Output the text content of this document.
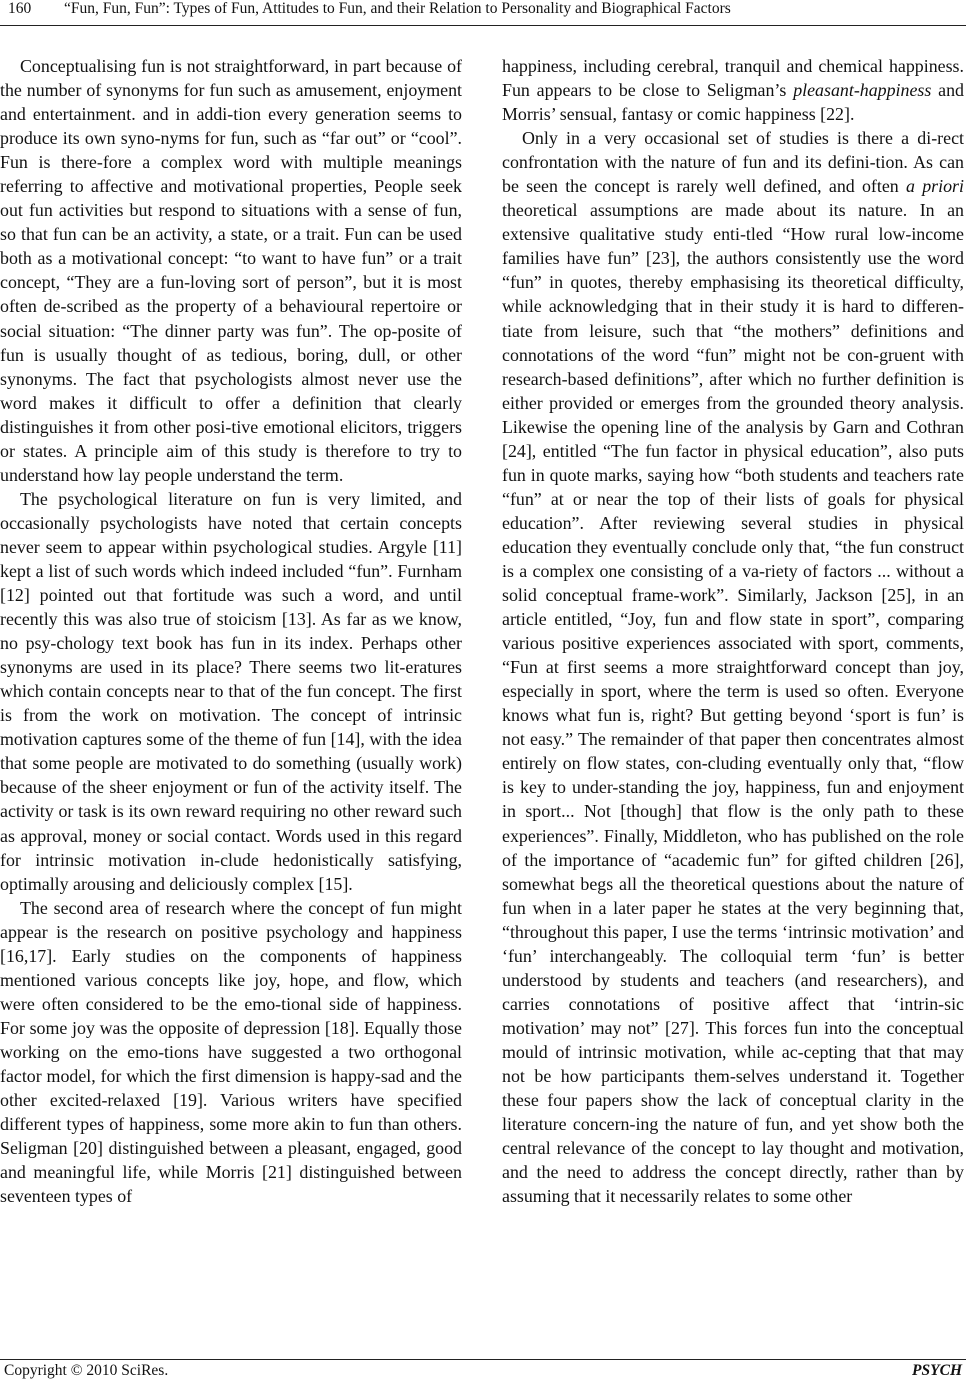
160 “Fun, Fun, Fun”: Types of Fun, Attitudes to Fun, and their Relation to Personality and Biographical Factors

Conceptualising fun is not straightforward, in part because of the number of synonyms for fun such as amusement, enjoyment and entertainment. and in addi-tion every generation seems to produce its own syno-nyms for fun, such as “far out” or “cool”. Fun is there-fore a complex word with multiple meanings referring to affective and motivational properties, People seek out fun activities but respond to situations with a sense of fun, so that fun can be an activity, a state, or a trait. Fun can be used both as a motivational concept: “to want to have fun” or a trait concept, “They are a fun-loving sort of person”, but it is most often de-scribed as the property of a behavioural repertoire or social situation: “The dinner party was fun”. The op-posite of fun is usually thought of as tedious, boring, dull, or other synonyms. The fact that psychologists almost never use the word makes it difficult to offer a definition that clearly distinguishes it from other posi-tive emotional elicitors, triggers or states. A principle aim of this study is therefore to try to understand how lay people understand the term.

The psychological literature on fun is very limited, and occasionally psychologists have noted that certain concepts never seem to appear within psychological studies. Argyle [11] kept a list of such words which indeed included “fun”. Furnham [12] pointed out that fortitude was such a word, and until recently this was also true of stoicism [13]. As far as we know, no psy-chology text book has fun in its index. Perhaps other synonyms are used in its place? There seems two lit-eratures which contain concepts near to that of the fun concept. The first is from the work on motivation. The concept of intrinsic motivation captures some of the theme of fun [14], with the idea that some people are motivated to do something (usually work) because of the sheer enjoyment or fun of the activity itself. The activity or task is its own reward requiring no other reward such as approval, money or social contact. Words used in this regard for intrinsic motivation in-clude hedonistically satisfying, optimally arousing and deliciously complex [15].

The second area of research where the concept of fun might appear is the research on positive psychology and happiness [16,17]. Early studies on the components of happiness mentioned various concepts like joy, hope, and flow, which were often considered to be the emo-tional side of happiness. For some joy was the opposite of depression [18]. Equally those working on the emo-tions have suggested a two orthogonal factor model, for which the first dimension is happy-sad and the other excited-relaxed [19]. Various writers have specified different types of happiness, some more akin to fun than others. Seligman [20] distinguished between a pleasant, engaged, good and meaningful life, while Morris [21] distinguished between seventeen types of

happiness, including cerebral, tranquil and chemical happiness. Fun appears to be close to Seligman’s pleasant-happiness and Morris’ sensual, fantasy or comic happiness [22].

Only in a very occasional set of studies is there a di-rect confrontation with the nature of fun and its defini-tion. As can be seen the concept is rarely well defined, and often a priori theoretical assumptions are made about its nature. In an extensive qualitative study enti-tled “How rural low-income families have fun” [23], the authors consistently use the word “fun” in quotes, thereby emphasising its theoretical difficulty, while acknowledging that in their study it is hard to differen-tiate from leisure, such that “the mothers” definitions and connotations of the word “fun” might not be con-gruent with research-based definitions”, after which no further definition is either provided or emerges from the grounded theory analysis. Likewise the opening line of the analysis by Garn and Cothran [24], entitled “The fun factor in physical education”, also puts fun in quote marks, saying how “both students and teachers rate “fun” at or near the top of their lists of goals for physical education”. After reviewing several studies in physical education they eventually conclude only that, “the fun construct is a complex one consisting of a va-riety of factors ... without a solid conceptual frame-work”. Similarly, Jackson [25], in an article entitled, “Joy, fun and flow state in sport”, comparing various positive experiences associated with sport, comments, “Fun at first seems a more straightforward concept than joy, especially in sport, where the term is used so often. Everyone knows what fun is, right? But getting beyond ‘sport is fun’ is not easy.” The remainder of that paper then concentrates almost entirely on flow states, con-cluding eventually only that, “flow is key to under-standing the joy, happiness, fun and enjoyment in sport... Not [though] that flow is the only path to these experiences”. Finally, Middleton, who has published on the role of the importance of “academic fun” for gifted children [26], somewhat begs all the theoretical questions about the nature of fun when in a later paper he states at the very beginning that, “throughout this paper, I use the terms ‘intrinsic motivation’ and ‘fun’ interchangeably. The colloquial term ‘fun’ is better understood by students and teachers (and researchers), and carries connotations of positive affect that ‘intrin-sic motivation’ may not” [27]. This forces fun into the conceptual mould of intrinsic motivation, while ac-cepting that that may not be how participants them-selves understand it. Together these four papers show the lack of conceptual clarity in the literature concern-ing the nature of fun, and yet show both the central relevance of the concept to lay thought and motivation, and the need to address the concept directly, rather than by assuming that it necessarily relates to some other

Copyright © 2010 SciRes.	PSYCH
